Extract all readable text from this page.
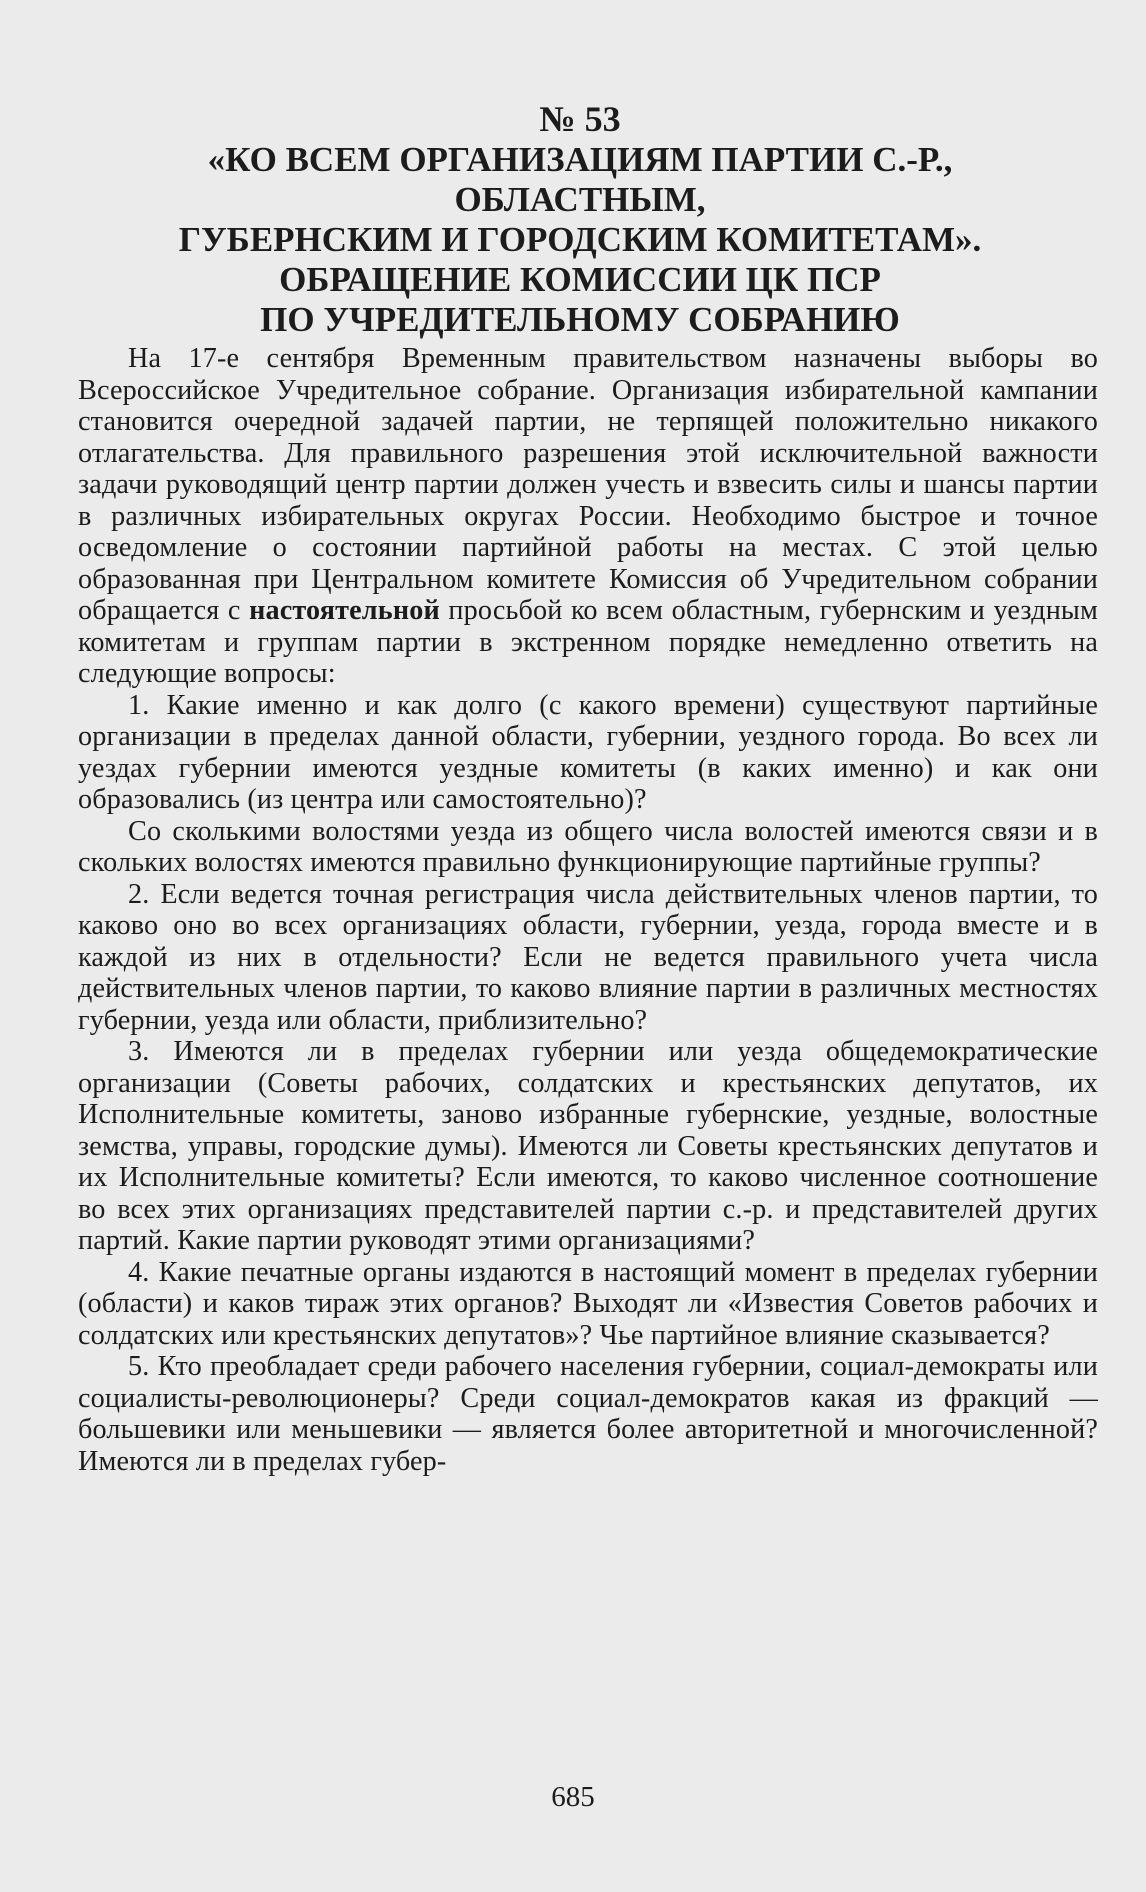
№ 53

«КО ВСЕМ ОРГАНИЗАЦИЯМ ПАРТИИ С.-Р., ОБЛАСТНЫМ,

ГУБЕРНСКИМ И ГОРОДСКИМ КОМИТЕТАМ».

ОБРАЩЕНИЕ КОМИССИИ ЦК ПСР

ПО УЧРЕДИТЕЛЬНОМУ СОБРАНИЮ

На 17-е сентября Временным правительством назначены выборы во Всероссийское Учредительное собрание. Организация избирательной кампании становится очередной задачей партии, не терпящей положительно никакого отлагательства. Для правильного разрешения этой исключительной важности задачи руководящий центр партии должен учесть и взвесить силы и шансы партии в различных избирательных округах России. Необходимо быстрое и точное осведомление о состоянии партийной работы на местах. С этой целью образованная при Центральном комитете Комиссия об Учредительном собрании обращается с настоятельной просьбой ко всем областным, губернским и уездным комитетам и группам партии в экстренном порядке немедленно ответить на следующие вопросы:

1. Какие именно и как долго (с какого времени) существуют партийные организации в пределах данной области, губернии, уездного города. Во всех ли уездах губернии имеются уездные комитеты (в каких именно) и как они образовались (из центра или самостоятельно)?

Со сколькими волостями уезда из общего числа волостей имеются связи и в скольких волостях имеются правильно функционирующие партийные группы?

2. Если ведется точная регистрация числа действительных членов партии, то каково оно во всех организациях области, губернии, уезда, города вместе и в каждой из них в отдельности? Если не ведется правильного учета числа действительных членов партии, то каково влияние партии в различных местностях губернии, уезда или области, приблизительно?

3. Имеются ли в пределах губернии или уезда общедемократические организации (Советы рабочих, солдатских и крестьянских депутатов, их Исполнительные комитеты, заново избранные губернские, уездные, волостные земства, управы, городские думы). Имеются ли Советы крестьянских депутатов и их Исполнительные комитеты? Если имеются, то каково численное соотношение во всех этих организациях представителей партии с.-р. и представителей других партий. Какие партии руководят этими организациями?

4. Какие печатные органы издаются в настоящий момент в пределах губернии (области) и каков тираж этих органов? Выходят ли «Известия Советов рабочих и солдатских или крестьянских депутатов»? Чье партийное влияние сказывается?

5. Кто преобладает среди рабочего населения губернии, социал-демократы или социалисты-революционеры? Среди социал-демократов какая из фракций — большевики или меньшевики — является более авторитетной и многочисленной? Имеются ли в пределах губер-

685
